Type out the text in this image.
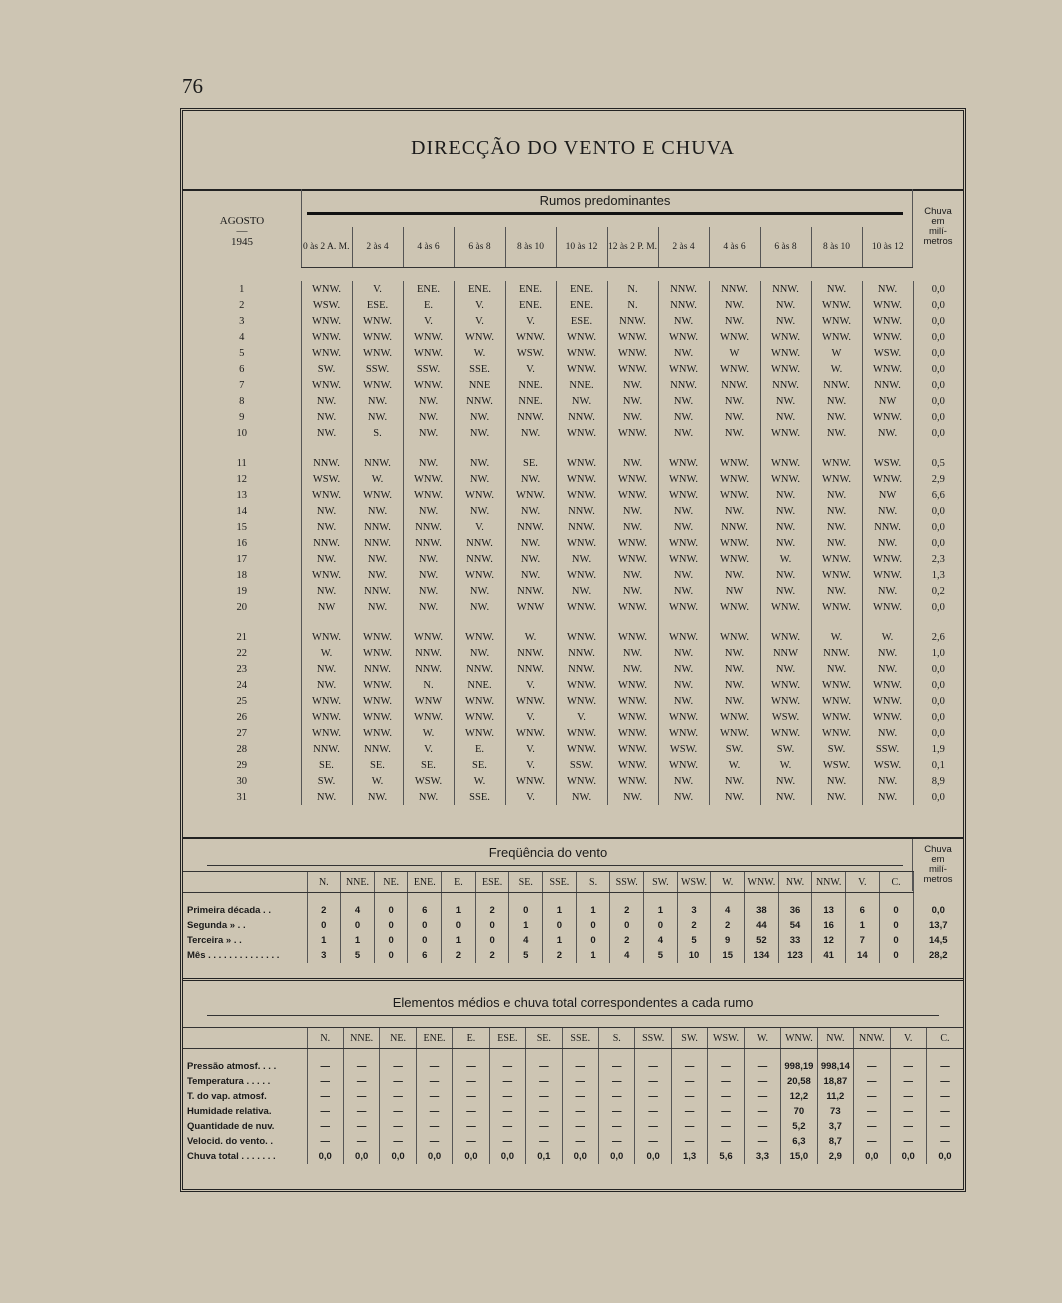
76
DIRECÇÃO DO VENTO E CHUVA
AGOSTO
—
1945
Rumos predominantes
Chuva
em
milí-
metros
0 às 2 A. M.	2 às 4	4 às 6	6 às 8	8 às 10	10 às 12	12 às 2 P. M.	2 às 4	4 às 6	6 às 8	8 às 10	10 às 12
1	WNW.	V.	ENE.	ENE.	ENE.	ENE.	N.	NNW.	NNW.	NNW.	NW.	NW.	0,0
2	WSW.	ESE.	E.	V.	ENE.	ENE.	N.	NNW.	NW.	NW.	WNW.	WNW.	0,0
3	WNW.	WNW.	V.	V.	V.	ESE.	NNW.	NW.	NW.	NW.	WNW.	WNW.	0,0
4	WNW.	WNW.	WNW.	WNW.	WNW.	WNW.	WNW.	WNW.	WNW.	WNW.	WNW.	WNW.	0,0
5	WNW.	WNW.	WNW.	W.	WSW.	WNW.	WNW.	NW.	W	WNW.	W	WSW.	0,0
6	SW.	SSW.	SSW.	SSE.	V.	WNW.	WNW.	WNW.	WNW.	WNW.	W.	WNW.	0,0
7	WNW.	WNW.	WNW.	NNE	NNE.	NNE.	NW.	NNW.	NNW.	NNW.	NNW.	NNW.	0,0
8	NW.	NW.	NW.	NNW.	NNE.	NW.	NW.	NW.	NW.	NW.	NW.	NW	0,0
9	NW.	NW.	NW.	NW.	NNW.	NNW.	NW.	NW.	NW.	NW.	NW.	WNW.	0,0
10	NW.	S.	NW.	NW.	NW.	WNW.	WNW.	NW.	NW.	WNW.	NW.	NW.	0,0

11	NNW.	NNW.	NW.	NW.	SE.	WNW.	NW.	WNW.	WNW.	WNW.	WNW.	WSW.	0,5
12	WSW.	W.	WNW.	NW.	NW.	WNW.	WNW.	WNW.	WNW.	WNW.	WNW.	WNW.	2,9
13	WNW.	WNW.	WNW.	WNW.	WNW.	WNW.	WNW.	WNW.	WNW.	NW.	NW.	NW	6,6
14	NW.	NW.	NW.	NW.	NW.	NNW.	NW.	NW.	NW.	NW.	NW.	NW.	0,0
15	NW.	NNW.	NNW.	V.	NNW.	NNW.	NW.	NW.	NNW.	NW.	NW.	NNW.	0,0
16	NNW.	NNW.	NNW.	NNW.	NW.	WNW.	WNW.	WNW.	WNW.	NW.	NW.	NW.	0,0
17	NW.	NW.	NW.	NNW.	NW.	NW.	WNW.	WNW.	WNW.	W.	WNW.	WNW.	2,3
18	WNW.	NW.	NW.	WNW.	NW.	WNW.	NW.	NW.	NW.	NW.	WNW.	WNW.	1,3
19	NW.	NNW.	NW.	NW.	NNW.	NW.	NW.	NW.	NW	NW.	NW.	NW.	0,2
20	NW	NW.	NW.	NW.	WNW	WNW.	WNW.	WNW.	WNW.	WNW.	WNW.	WNW.	0,0

21	WNW.	WNW.	WNW.	WNW.	W.	WNW.	WNW.	WNW.	WNW.	WNW.	W.	W.	2,6
22	W.	WNW.	NNW.	NW.	NNW.	NNW.	NW.	NW.	NW.	NNW	NNW.	NW.	1,0
23	NW.	NNW.	NNW.	NNW.	NNW.	NNW.	NW.	NW.	NW.	NW.	NW.	NW.	0,0
24	NW.	WNW.	N.	NNE.	V.	WNW.	WNW.	NW.	NW.	WNW.	WNW.	WNW.	0,0
25	WNW.	WNW.	WNW	WNW.	WNW.	WNW.	WNW.	NW.	NW.	WNW.	WNW.	WNW.	0,0
26	WNW.	WNW.	WNW.	WNW.	V.	V.	WNW.	WNW.	WNW.	WSW.	WNW.	WNW.	0,0
27	WNW.	WNW.	W.	WNW.	WNW.	WNW.	WNW.	WNW.	WNW.	WNW.	WNW.	NW.	0,0
28	NNW.	NNW.	V.	E.	V.	WNW.	WNW.	WSW.	SW.	SW.	SW.	SSW.	1,9
29	SE.	SE.	SE.	SE.	V.	SSW.	WNW.	WNW.	W.	W.	WSW.	WSW.	0,1
30	SW.	W.	WSW.	W.	WNW.	WNW.	WNW.	NW.	NW.	NW.	NW.	NW.	8,9
31	NW.	NW.	NW.	SSE.	V.	NW.	NW.	NW.	NW.	NW.	NW.	NW.	0,0
Freqüência do vento	Chuva
em
milí-
metros
	N.	NNE.	NE.	ENE.	E.	ESE.	SE.	SSE.	S.	SSW.	SW.	WSW.	W.	WNW.	NW.	NNW.	V.	C.	

Primeira década . .	2	4	0	6	1	2	0	1	1	2	1	3	4	38	36	13	6	0	0,0
Segunda » . .	0	0	0	0	0	0	1	0	0	0	0	2	2	44	54	16	1	0	13,7
Terceira » . .	1	1	0	0	1	0	4	1	0	2	4	5	9	52	33	12	7	0	14,5
Mês . . . . . . . . . . . . . .	3	5	0	6	2	2	5	2	1	4	5	10	15	134	123	41	14	0	28,2
Elementos médios e chuva total correspondentes a cada rumo
	N.	NNE.	NE.	ENE.	E.	ESE.	SE.	SSE.	S.	SSW.	SW.	WSW.	W.	WNW.	NW.	NNW.	V.	C.

Pressão atmosf. . . .	—	—	—	—	—	—	—	—	—	—	—	—	—	998,19	998,14	—	—	—
Temperatura . . . . .	—	—	—	—	—	—	—	—	—	—	—	—	—	20,58	18,87	—	—	—
T. do vap. atmosf.	—	—	—	—	—	—	—	—	—	—	—	—	—	12,2	11,2	—	—	—
Humidade relativa.	—	—	—	—	—	—	—	—	—	—	—	—	—	70	73	—	—	—
Quantidade de nuv.	—	—	—	—	—	—	—	—	—	—	—	—	—	5,2	3,7	—	—	—
Velocid. do vento. .	—	—	—	—	—	—	—	—	—	—	—	—	—	6,3	8,7	—	—	—
Chuva total . . . . . . .	0,0	0,0	0,0	0,0	0,0	0,0	0,1	0,0	0,0	0,0	1,3	5,6	3,3	15,0	2,9	0,0	0,0	0,0
